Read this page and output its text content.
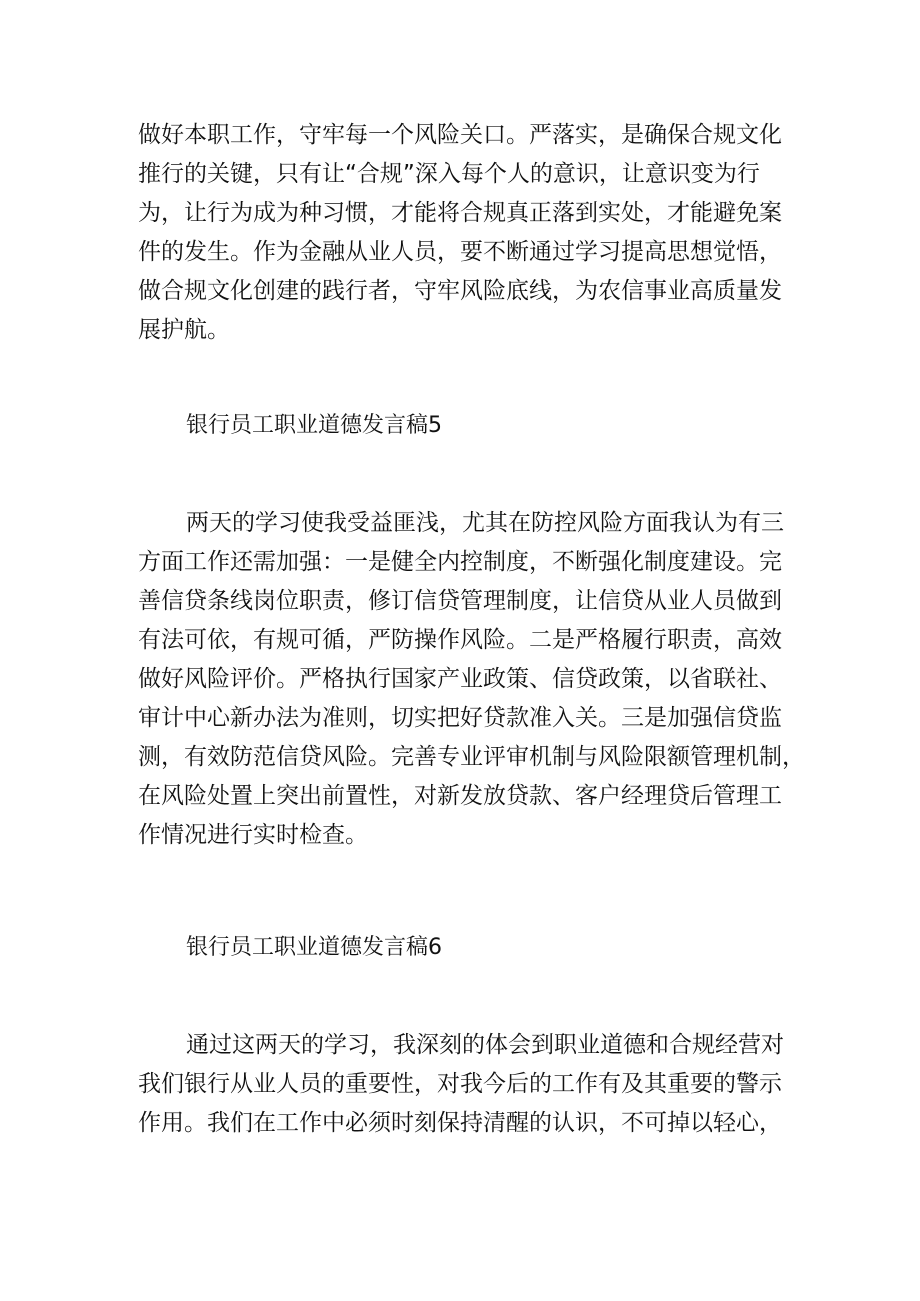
做好本职工作，守牢每一个风险关口。严落实，是确保合规文化
推行的关键，只有让“合规”深入每个人的意识，让意识变为行
为，让行为成为种习惯，才能将合规真正落到实处，才能避免案
件的发生。作为金融从业人员，要不断通过学习提高思想觉悟，
做合规文化创建的践行者，守牢风险底线，为农信事业高质量发
展护航。
银行员工职业道德发言稿5
两天的学习使我受益匪浅，尤其在防控风险方面我认为有三
方面工作还需加强：一是健全内控制度，不断强化制度建设。完
善信贷条线岗位职责，修订信贷管理制度，让信贷从业人员做到
有法可依，有规可循，严防操作风险。二是严格履行职责，高效
做好风险评价。严格执行国家产业政策、信贷政策，以省联社、
审计中心新办法为准则，切实把好贷款准入关。三是加强信贷监
测，有效防范信贷风险。完善专业评审机制与风险限额管理机制，
在风险处置上突出前置性，对新发放贷款、客户经理贷后管理工
作情况进行实时检查。
银行员工职业道德发言稿6
通过这两天的学习，我深刻的体会到职业道德和合规经营对
我们银行从业人员的重要性，对我今后的工作有及其重要的警示
作用。我们在工作中必须时刻保持清醒的认识，不可掉以轻心，
